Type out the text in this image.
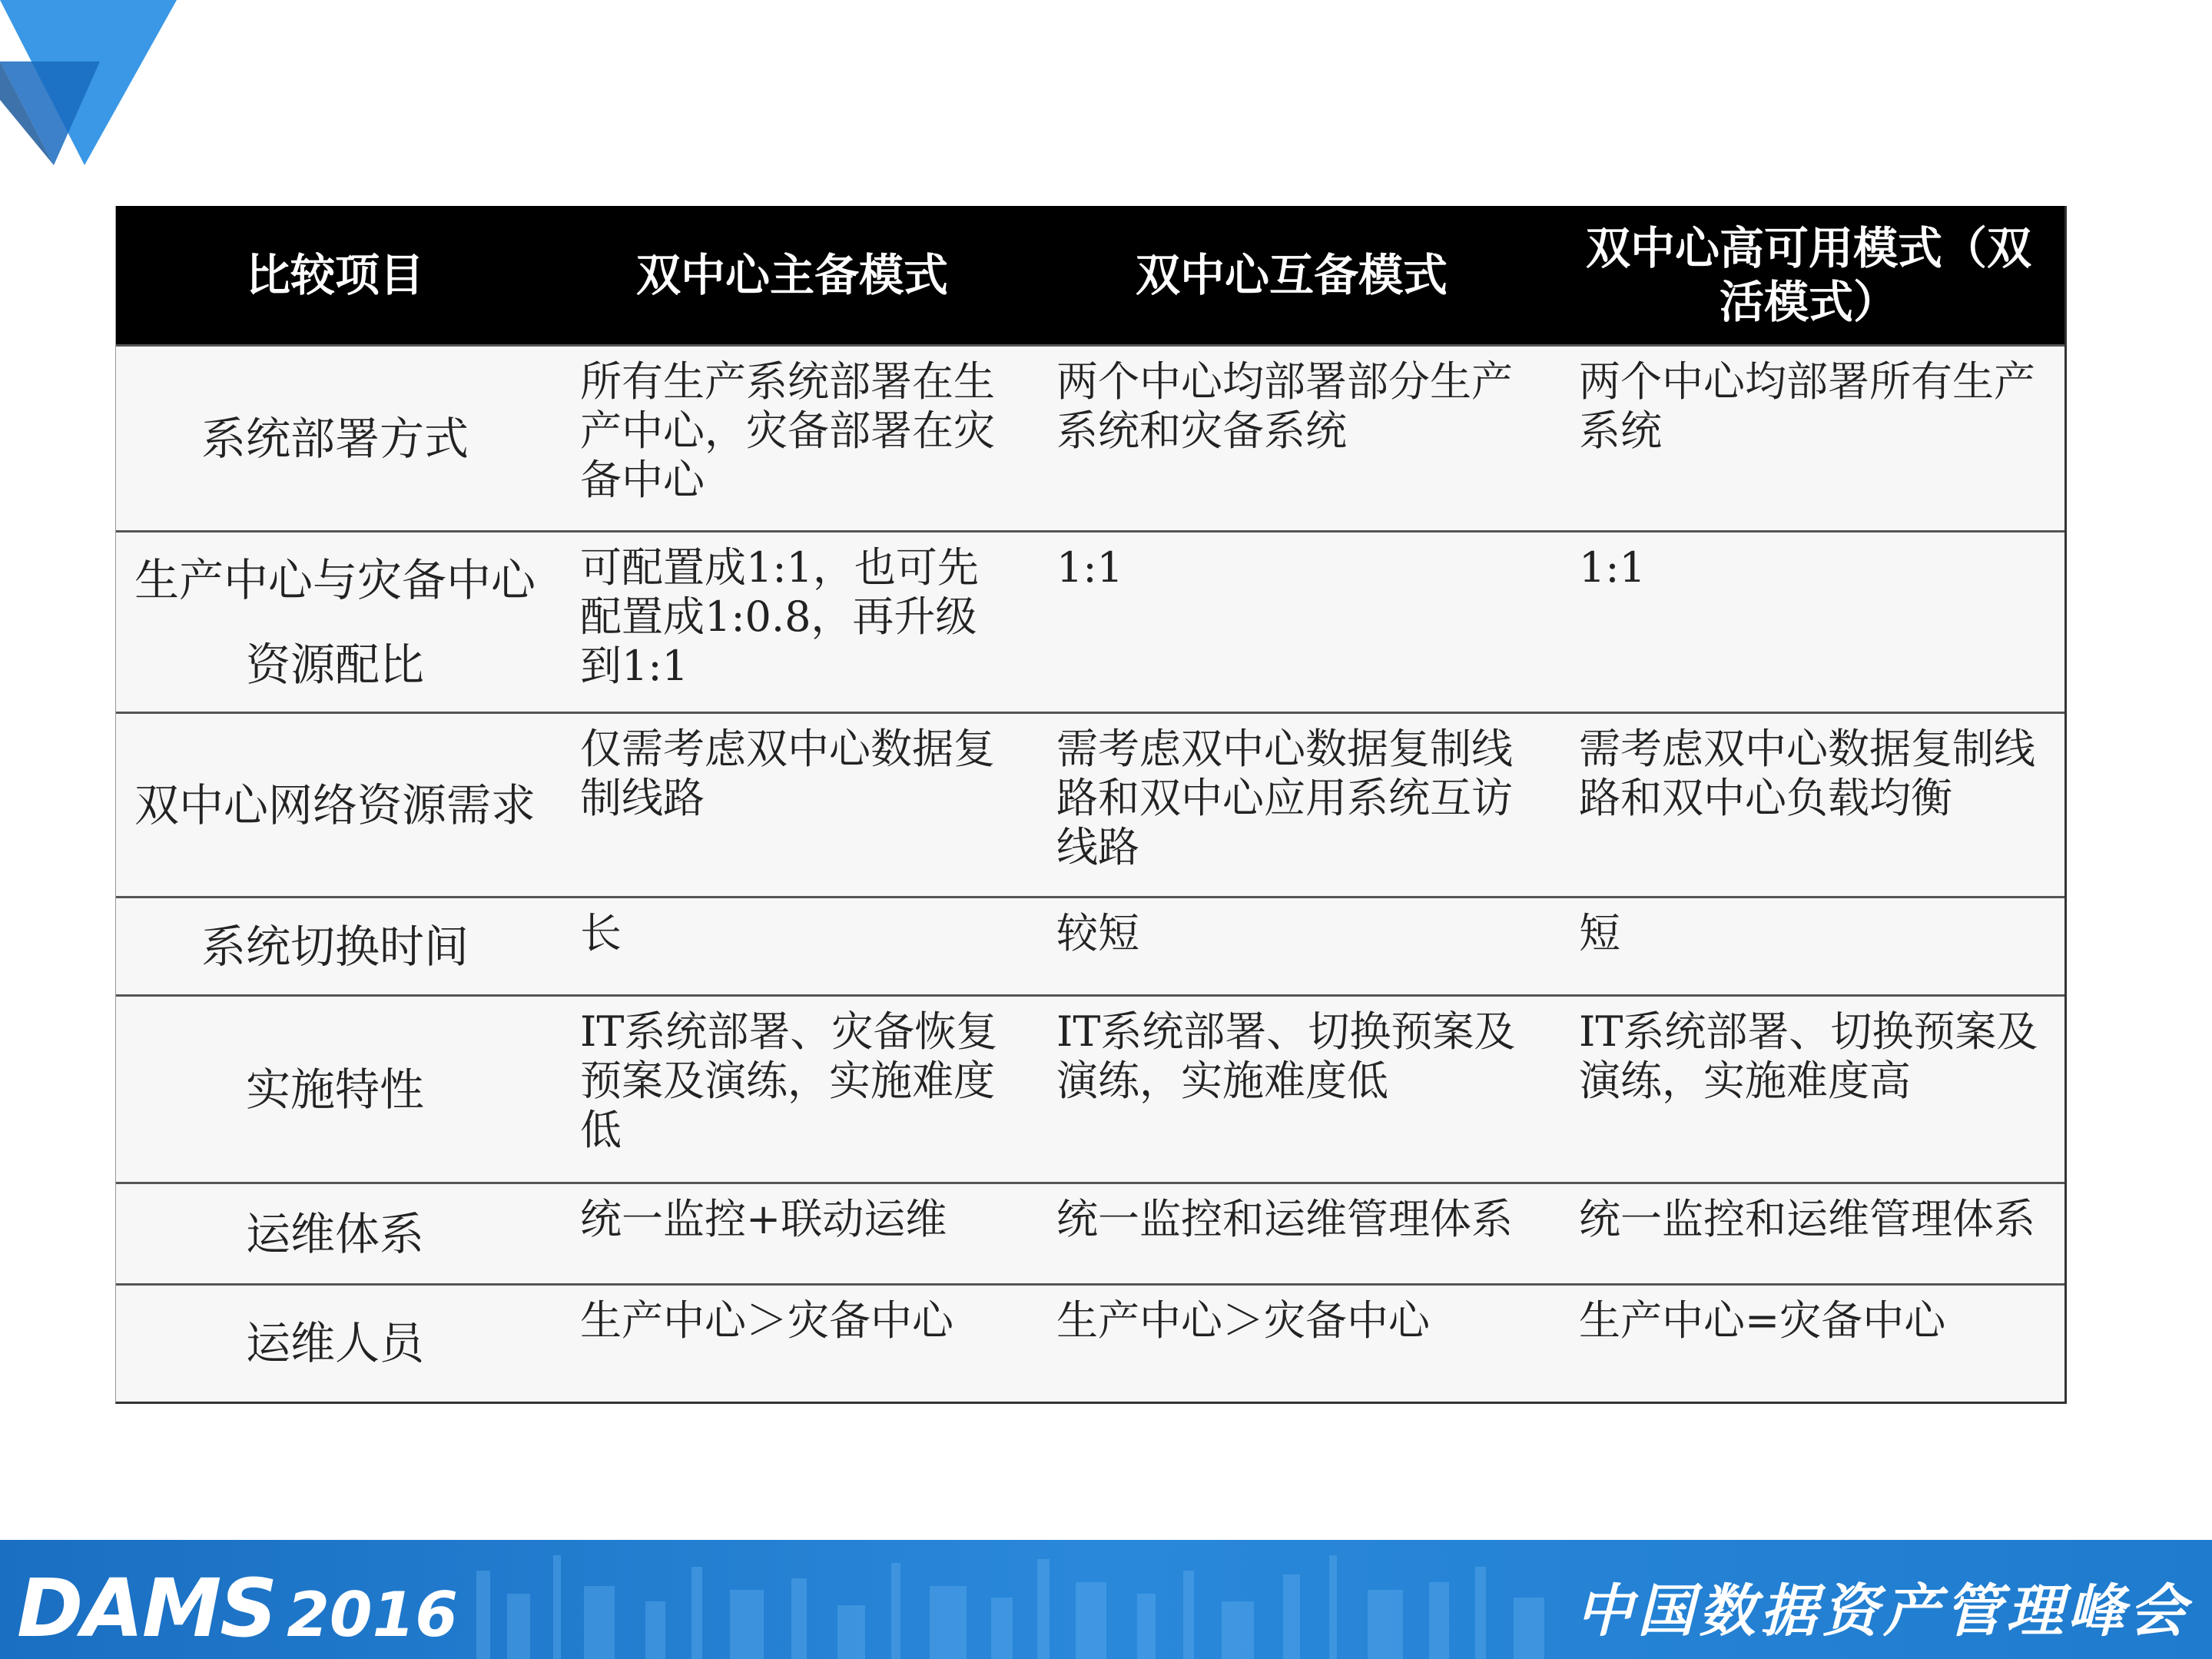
比较项目	双中心主备模式	双中心互备模式	双中心高可用模式（双活模式）
系统部署方式	所有生产系统部署在生产中心，灾备部署在灾备中心	两个中心均部署部分生产系统和灾备系统	两个中心均部署所有生产系统
生产中心与灾备中心资源配比	可配置成1:1，也可先配置成1:0.8，再升级到1:1	1:1	1:1
双中心网络资源需求	仅需考虑双中心数据复制线路	需考虑双中心数据复制线路和双中心应用系统互访线路	需考虑双中心数据复制线路和双中心负载均衡
系统切换时间	长	较短	短
实施特性	IT系统部署、灾备恢复预案及演练，实施难度低	IT系统部署、切换预案及演练，实施难度低	IT系统部署、切换预案及演练，实施难度高
运维体系	统一监控+联动运维	统一监控和运维管理体系	统一监控和运维管理体系
运维人员	生产中心＞灾备中心	生产中心＞灾备中心	生产中心=灾备中心
DAMS 2016	中国数据资产管理峰会
